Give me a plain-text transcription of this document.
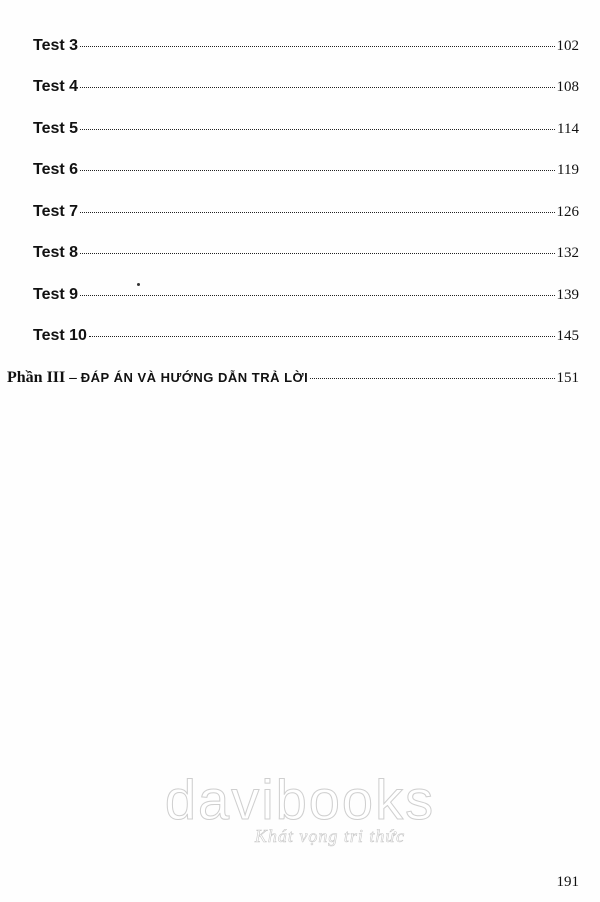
Test 3	102
Test 4	108
Test 5	114
Test 6	119
Test 7	126
Test 8	132
Test 9	139
Test 10	145
Phần III – ĐÁP ÁN VÀ HƯỚNG DẪN TRẢ LỜI	151
davibooks
Khát vọng tri thức
191
